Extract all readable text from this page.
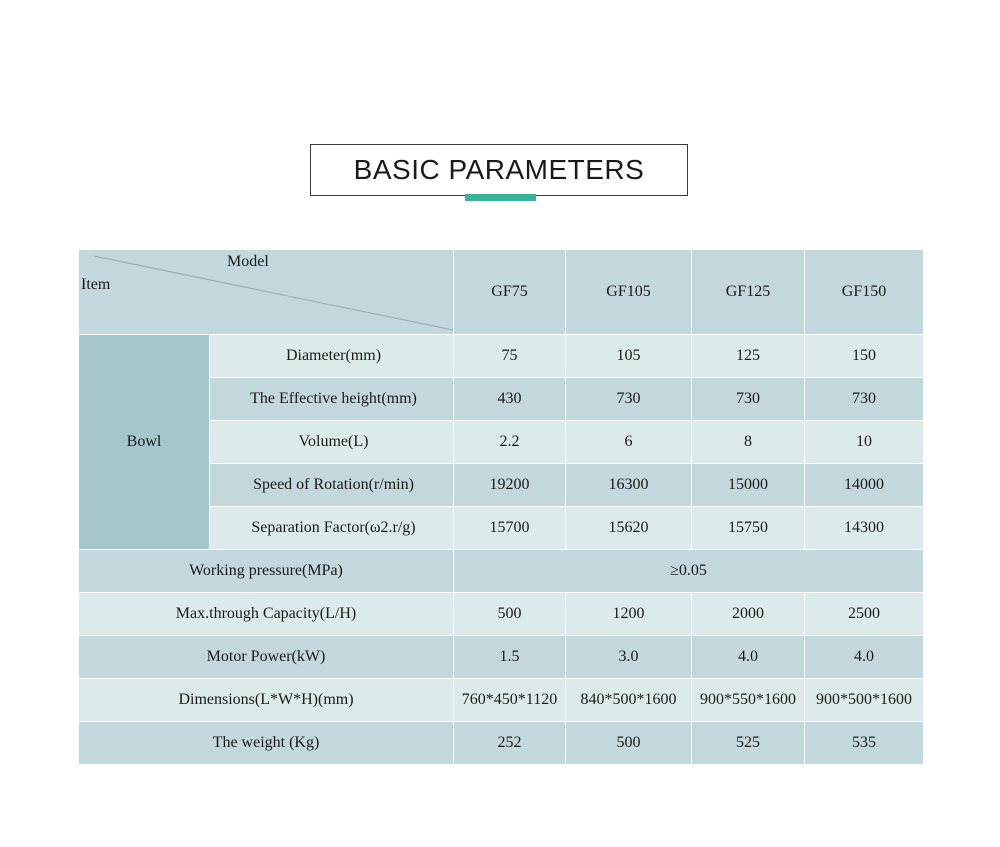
BASIC PARAMETERS
Model
Item		GF75	GF105	GF125	GF150
Bowl	Diameter(mm)	75	105	125	150
	The Effective height(mm)	430	730	730	730
	Volume(L)	2.2	6	8	10
	Speed of Rotation(r/min)	19200	16300	15000	14000
	Separation Factor(ω2.r/g)	15700	15620	15750	14300
Working pressure(MPa)		≥0.05			
Max.through Capacity(L/H)		500	1200	2000	2500
Motor Power(kW)		1.5	3.0	4.0	4.0
Dimensions(L*W*H)(mm)		760*450*1120	840*500*1600	900*550*1600	900*500*1600
The weight (Kg)		252	500	525	535
